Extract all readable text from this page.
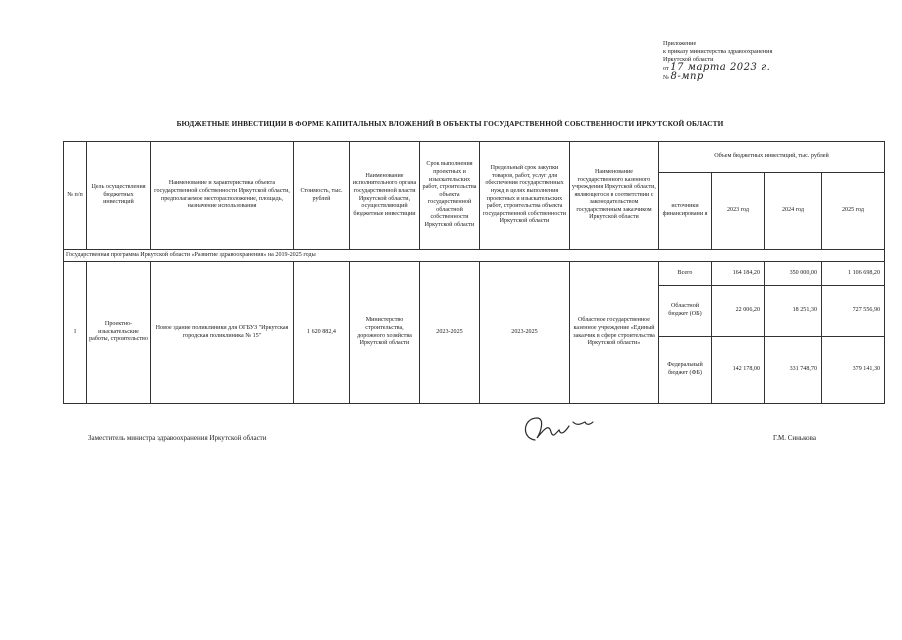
Приложение
к приказу министерства здравоохранения
Иркутской области
от 17 марта 2023 г.
№ 8-мпр
БЮДЖЕТНЫЕ ИНВЕСТИЦИИ В ФОРМЕ КАПИТАЛЬНЫХ ВЛОЖЕНИЙ В ОБЪЕКТЫ ГОСУДАРСТВЕННОЙ СОБСТВЕННОСТИ ИРКУТСКОЙ ОБЛАСТИ
№ п/п	Цель осуществления бюджетных инвестиций	Наименование и характеристика объекта государственной собственности Иркутской области, предполагаемое месторасположение, площадь, назначение использования	Стоимость, тыс. рублей	Наименование исполнительного органа государственной власти Иркутской области, осуществляющий бюджетные инвестиции	Срок выполнения проектных и изыскательских работ, строительства объекта государственной областной собственности Иркутской области	Предельный срок закупки товаров, работ, услуг для обеспечения государственных нужд в целях выполнения проектных и изыскательских работ, строительства объекта государственной собственности Иркутской области	Наименование государственного казенного учреждения Иркутской области, являющегося в соответствии с законодательством государственным заказчиком Иркутской области	Объем бюджетных инвестиций, тыс. рублей			
								источники финансировани я	2023 год	2024 год	2025 год
Государственная программа Иркутской области «Развитие здравоохранения» на 2019-2025 годы											
1	Проектно-изыскательские работы, строительство	Новое здание поликлиники для ОГБУЗ "Иркутская городская поликлиника № 15"	1 620 882,4	Министерство строительства, дорожного хозяйства Иркутской области	2023-2025	2023-2025	Областное государственное казенное учреждение «Единый заказчик в сфере строительства Иркутской области»	Всего	164 184,20	350 000,00	1 106 698,20
								Областной бюджет (ОБ)	22 006,20	18 251,30	727 556,90
								Федеральный бюджет (ФБ)	142 178,00	331 748,70	379 141,30
Заместитель министра здравоохранения Иркутской области	Г.М. Синькова
